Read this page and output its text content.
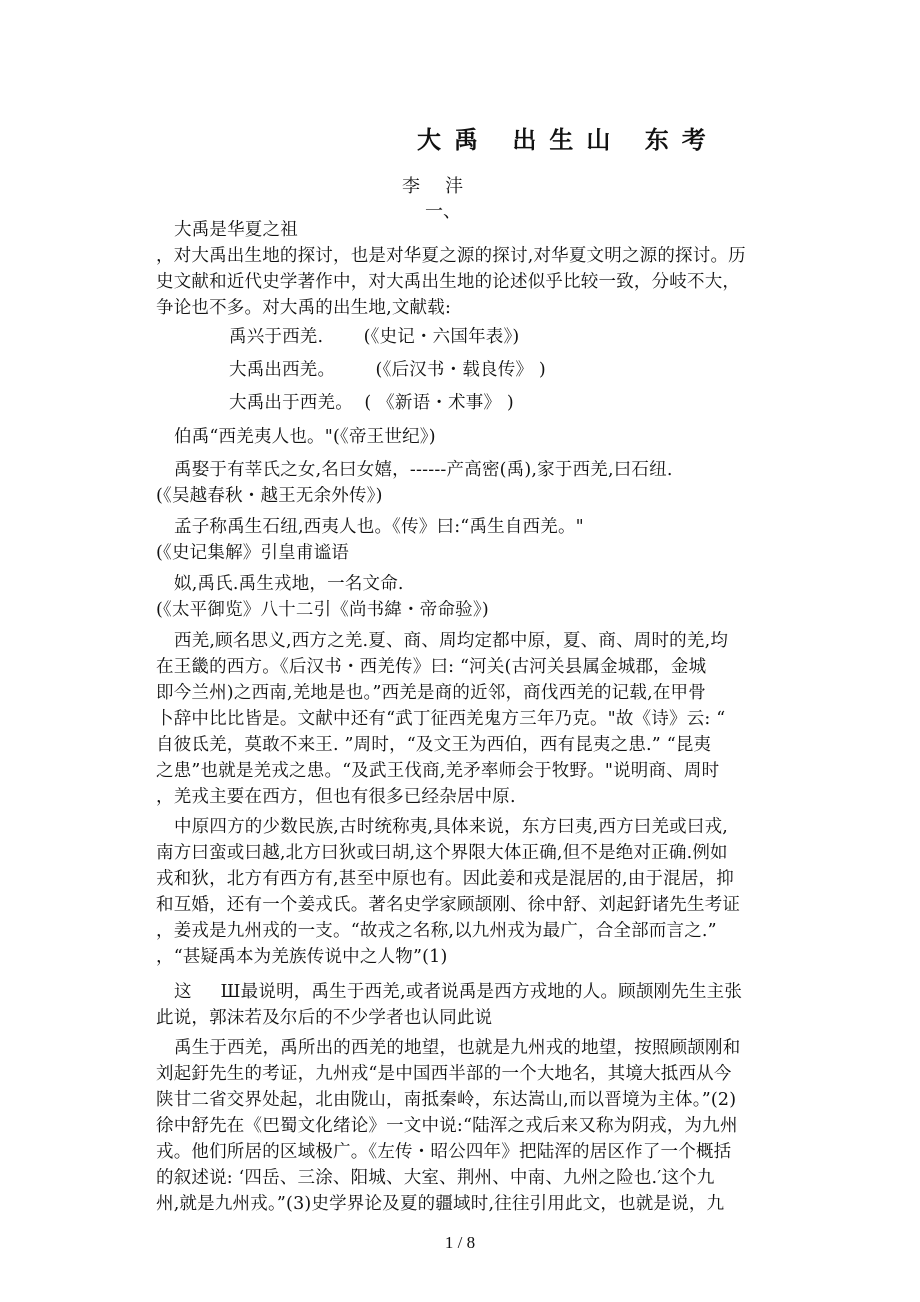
大禹 出生山 东考
李   沣
一、
大禹是华夏之祖
，对大禹出生地的探讨，也是对华夏之源的探讨,对华夏文明之源的探讨。历
史文献和近代史学著作中，对大禹出生地的论述似乎比较一致，分岐不大，
争论也不多。对大禹的出生地,文献载:
禹兴于西羌.       (《史记・六国年表》)
大禹出西羌。       (《后汉书・载良传》 )
大禹出于西羌。  ( 《新语・术事》 )
伯禹“西羌夷人也。"(《帝王世纪》)
禹娶于有莘氏之女,名曰女嬉，------产高密(禹),家于西羌,曰石纽.
(《吴越春秋・越王无余外传》)
孟子称禹生石纽,西夷人也。《传》曰:“禹生自西羌。"
(《史记集解》引皇甫谧语
姒,禹氏.禹生戎地，一名文命.
(《太平御览》八十二引《尚书緯・帝命验》)
西羌,顾名思义,西方之羌.夏、商、周均定都中原，夏、商、周时的羌,均
在王畿的西方。《后汉书・西羌传》曰: “河关(古河关县属金城郡，金城
即今兰州)之西南,羌地是也。”西羌是商的近邻，商伐西羌的记载,在甲骨
卜辞中比比皆是。文献中还有“武丁征西羌鬼方三年乃克。"故《诗》云: “
自彼氐羌，莫敢不来王. ”周时，“及文王为西伯，西有昆夷之患.” “昆夷
之患”也就是羌戎之患。“及武王伐商,羌矛率师会于牧野。"说明商、周时
，羌戎主要在西方，但也有很多已经杂居中原.
中原四方的少数民族,古时统称夷,具体来说，东方曰夷,西方曰羌或曰戎,
南方曰蛮或曰越,北方曰狄或曰胡,这个界限大体正确,但不是绝对正确.例如
戎和狄，北方有西方有,甚至中原也有。因此姜和戎是混居的,由于混居，抑
和互婚，还有一个姜戎氏。著名史学家顾颉刚、徐中舒、刘起釪诸先生考证
，姜戎是九州戎的一支。“故戎之名称,以九州戎为最广，合全部而言之.”
，“甚疑禹本为羌族传说中之人物”(1)
这     Ш最说明，禹生于西羌,或者说禹是西方戎地的人。顾颉刚先生主张
此说，郭沫若及尔后的不少学者也认同此说
禹生于西羌，禹所出的西羌的地望，也就是九州戎的地望，按照顾颉刚和
刘起釪先生的考证，九州戎“是中国西半部的一个大地名，其境大抵西从今
陕甘二省交界处起，北由陇山，南抵秦岭，东达嵩山,而以晋境为主体。”(2)
徐中舒先在《巴蜀文化绪论》一文中说:“陆浑之戎后来又称为阴戎，为九州
戎。他们所居的区域极广。《左传・昭公四年》把陆浑的居区作了一个概括
的叙述说: ‘四岳、三涂、阳城、大室、荆州、中南、九州之险也.′这个九
州,就是九州戎。”(3)史学界论及夏的疆域时,往往引用此文，也就是说，九
1 / 8
